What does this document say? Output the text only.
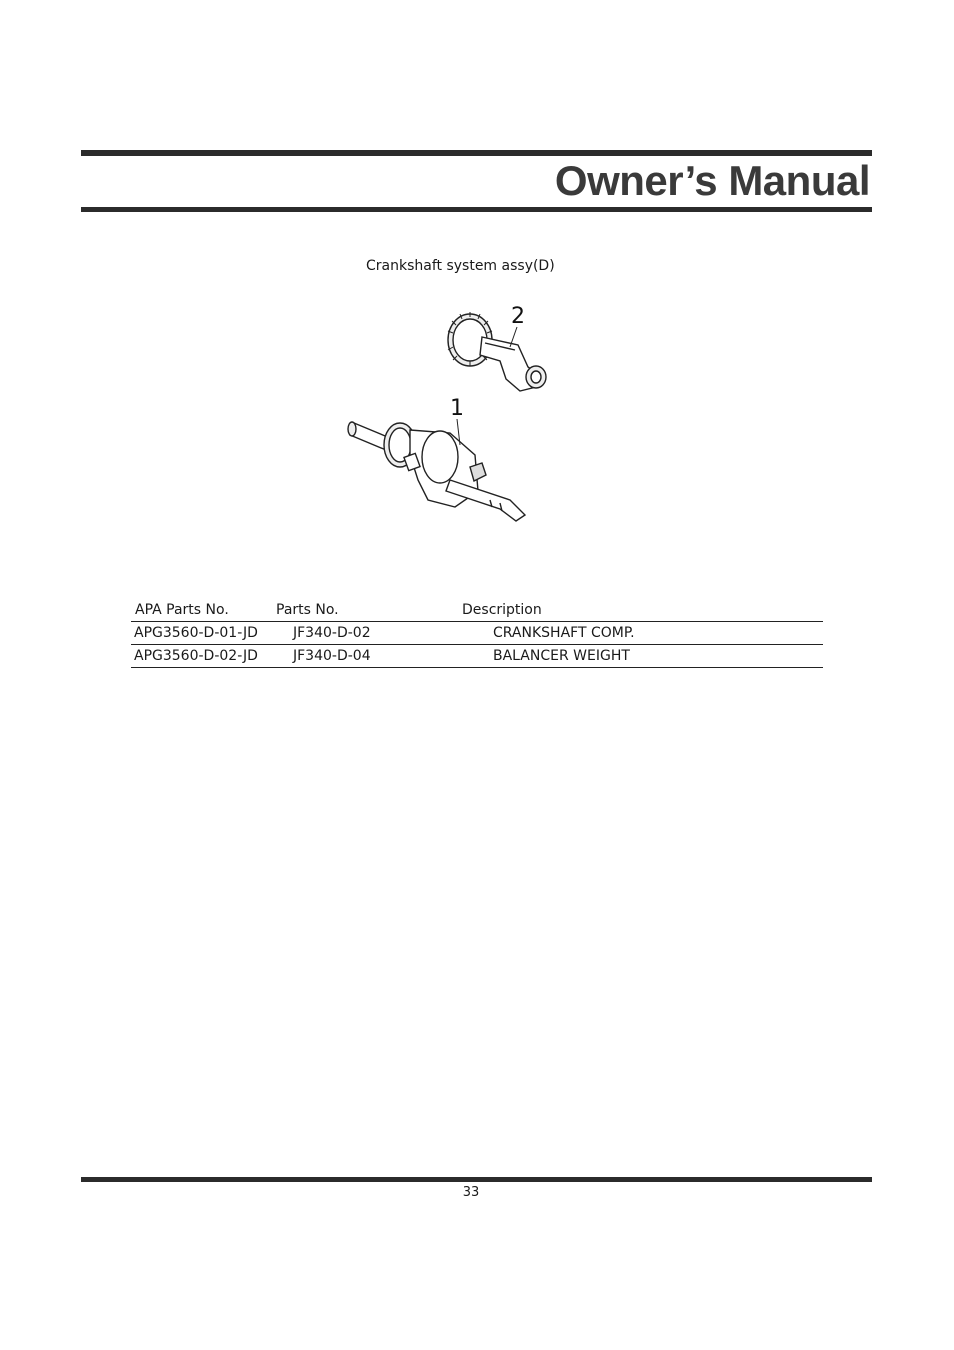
Owner’s Manual
Crankshaft system assy(D)
2
1
APA Parts No.	Parts No.	Description
APG3560-D-01-JD	JF340-D-02	CRANKSHAFT COMP.
APG3560-D-02-JD	JF340-D-04	BALANCER WEIGHT
33
